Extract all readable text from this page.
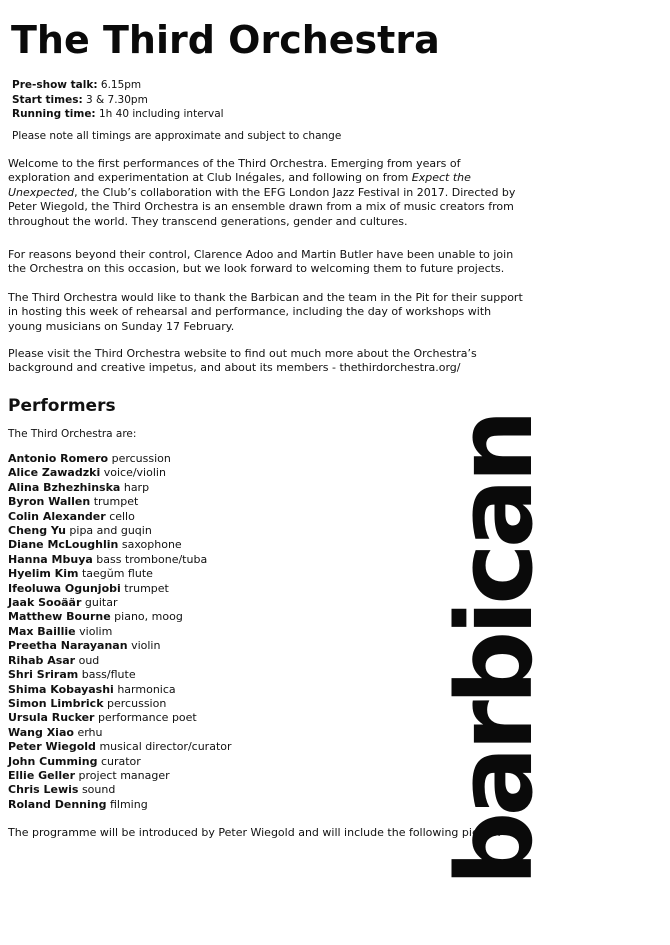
The Third Orchestra
Pre-show talk: 6.15pm
Start times: 3 & 7.30pm
Running time: 1h 40 including interval
Please note all timings are approximate and subject to change

Welcome to the first performances of the Third Orchestra. Emerging from years of exploration and experimentation at Club Inégales, and following on from Expect the Unexpected, the Club’s collaboration with the EFG London Jazz Festival in 2017. Directed by Peter Wiegold, the Third Orchestra is an ensemble drawn from a mix of music creators from throughout the world. They transcend generations, gender and cultures.

For reasons beyond their control, Clarence Adoo and Martin Butler have been unable to join the Orchestra on this occasion, but we look forward to welcoming them to future projects.

The Third Orchestra would like to thank the Barbican and the team in the Pit for their support in hosting this week of rehearsal and performance, including the day of workshops with young musicians on Sunday 17 February.

Please visit the Third Orchestra website to find out much more about the Orchestra’s background and creative impetus, and about its members - thethirdorchestra.org/

Performers
The Third Orchestra are:
Antonio Romero percussion
Alice Zawadzki voice/violin
Alina Bzhezhinska harp
Byron Wallen trumpet
Colin Alexander cello
Cheng Yu pipa and guqin
Diane McLoughlin saxophone
Hanna Mbuya bass trombone/tuba
Hyelim Kim taegŭm flute
Ifeoluwa Ogunjobi trumpet
Jaak Sooäär guitar
Matthew Bourne piano, moog
Max Baillie violim
Preetha Narayanan violin
Rihab Asar oud
Shri Sriram bass/flute
Shima Kobayashi harmonica
Simon Limbrick percussion
Ursula Rucker performance poet
Wang Xiao erhu
Peter Wiegold musical director/curator
John Cumming curator
Ellie Geller project manager
Chris Lewis sound
Roland Denning filming
The programme will be introduced by Peter Wiegold and will include the following pieces:
barbican
